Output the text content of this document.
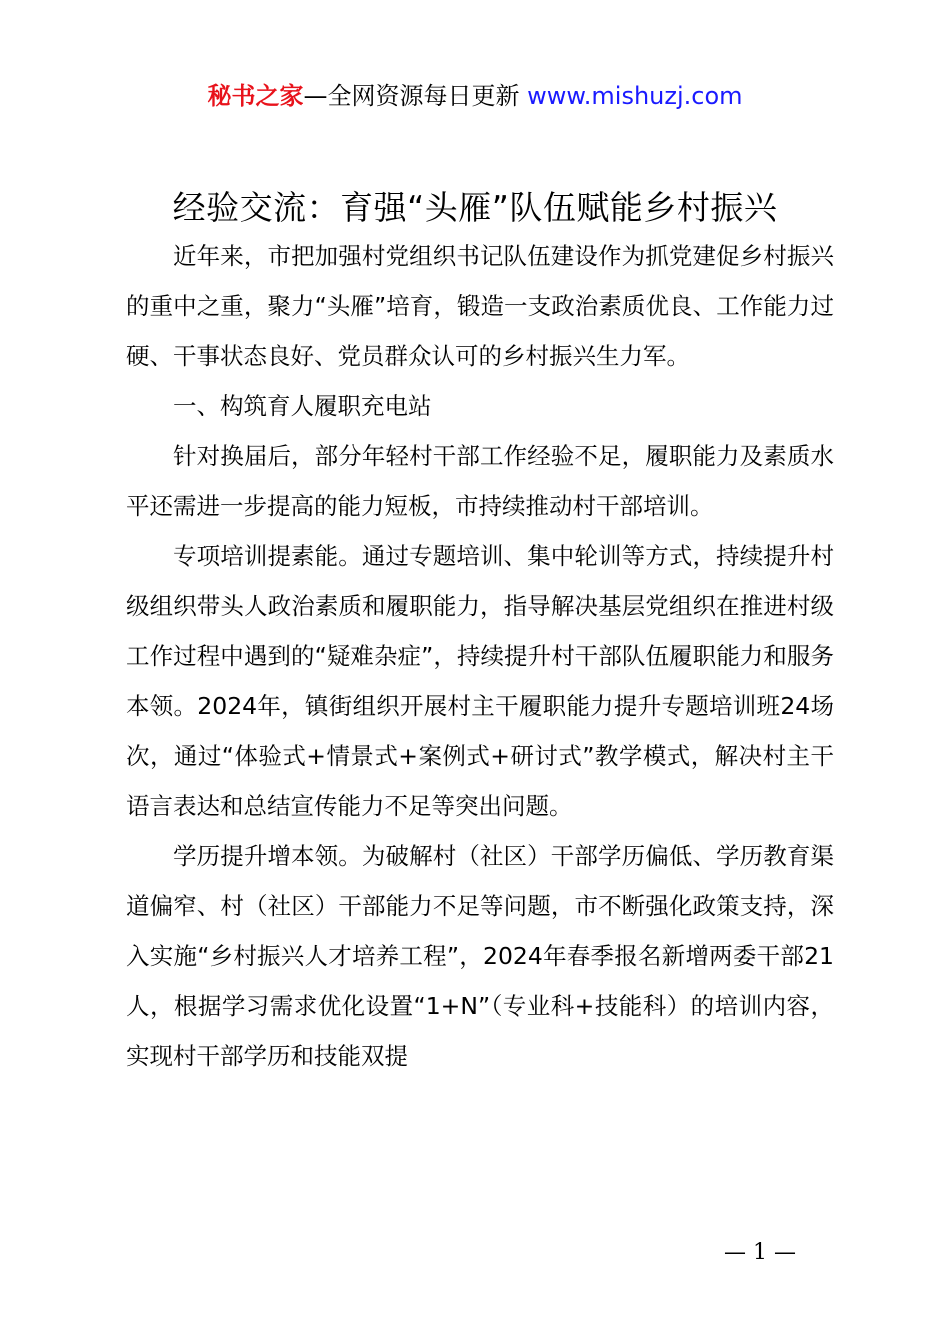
秘书之家—全网资源每日更新 www.mishuzj.com
经验交流：育强“头雁”队伍赋能乡村振兴

近年来，市把加强村党组织书记队伍建设作为抓党建促乡村振兴的重中之重，聚力“头雁”培育，锻造一支政治素质优良、工作能力过硬、干事状态良好、党员群众认可的乡村振兴生力军。

一、构筑育人履职充电站

针对换届后，部分年轻村干部工作经验不足，履职能力及素质水平还需进一步提高的能力短板，市持续推动村干部培训。

专项培训提素能。通过专题培训、集中轮训等方式，持续提升村级组织带头人政治素质和履职能力，指导解决基层党组织在推进村级工作过程中遇到的“疑难杂症”，持续提升村干部队伍履职能力和服务本领。2024年，镇街组织开展村主干履职能力提升专题培训班24场次，通过“体验式+情景式+案例式+研讨式”教学模式，解决村主干语言表达和总结宣传能力不足等突出问题。

学历提升增本领。为破解村（社区）干部学历偏低、学历教育渠道偏窄、村（社区）干部能力不足等问题，市不断强化政策支持，深入实施“乡村振兴人才培养工程”，2024年春季报名新增两委干部21人，根据学习需求优化设置“1+N”（专业科+技能科）的培训内容，实现村干部学历和技能双提

— 1 —
